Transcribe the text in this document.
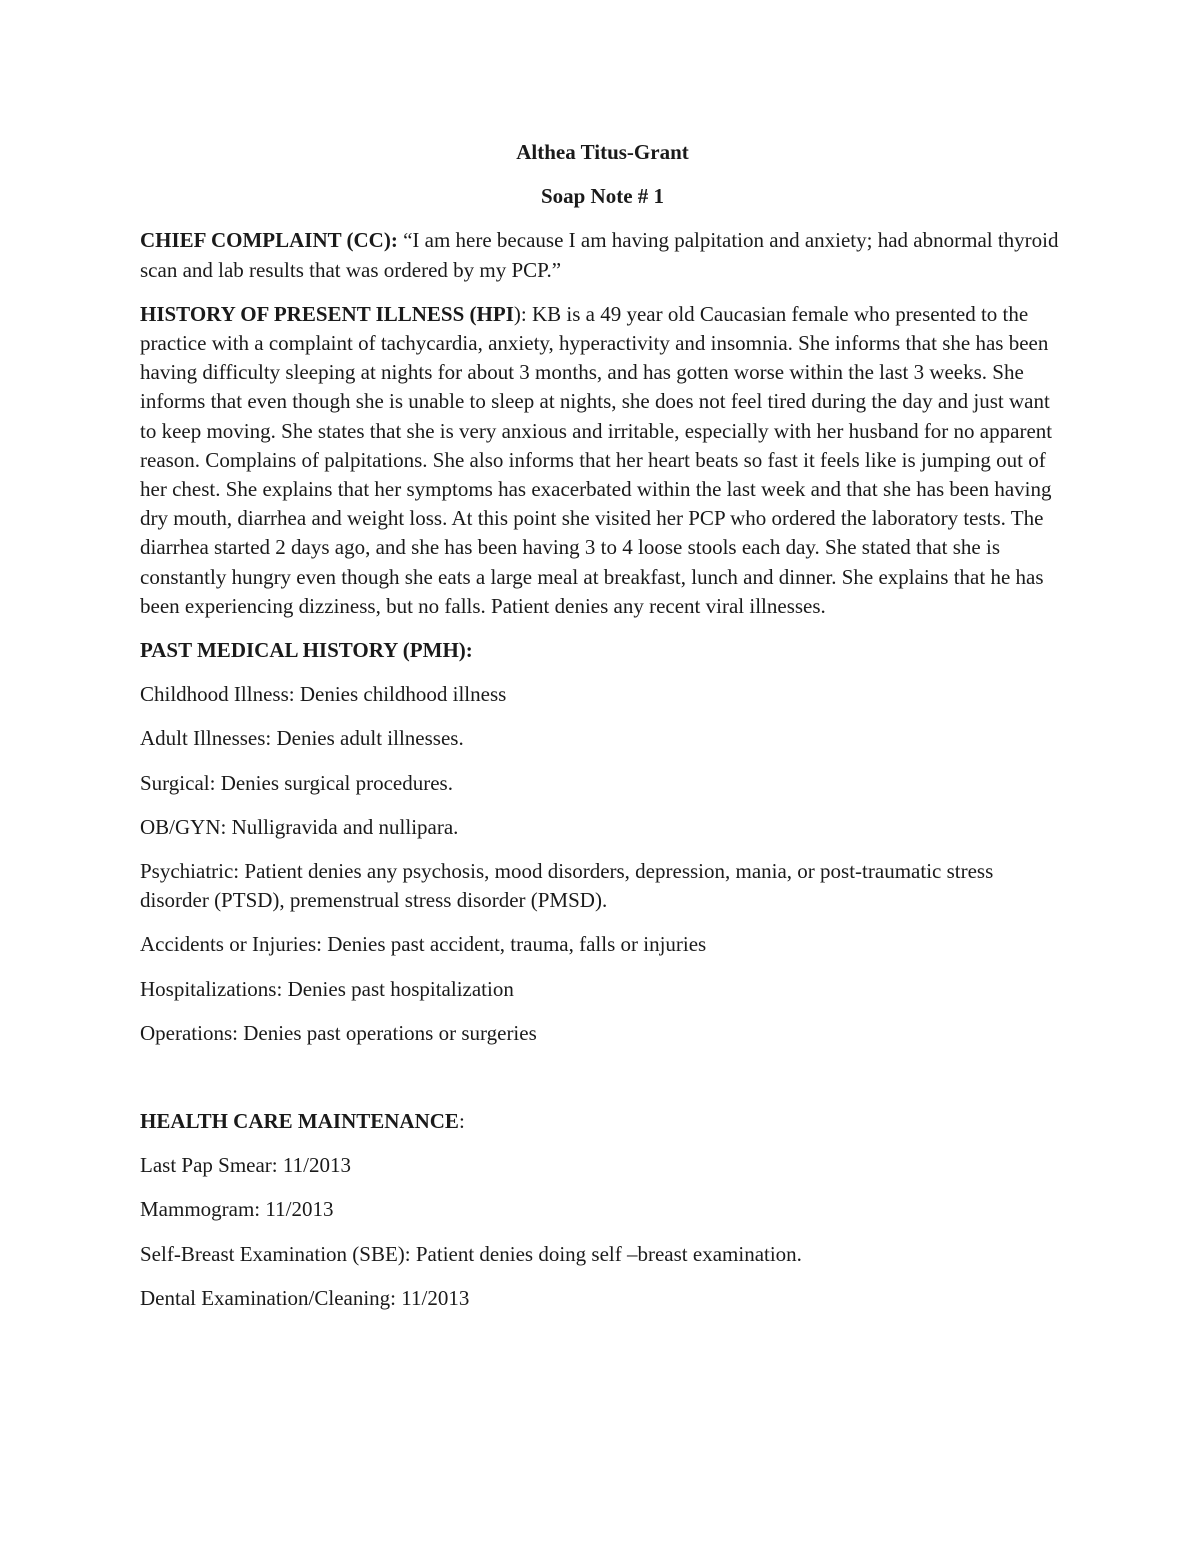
Althea Titus-Grant

Soap Note # 1

CHIEF COMPLAINT (CC): “I am here because I am having palpitation and anxiety; had abnormal thyroid scan and lab results that was ordered by my PCP.”

HISTORY OF PRESENT ILLNESS (HPI): KB is a 49 year old Caucasian female who presented to the practice with a complaint of tachycardia, anxiety, hyperactivity and insomnia. She informs that she has been having difficulty sleeping at nights for about 3 months, and has gotten worse within the last 3 weeks. She informs that even though she is unable to sleep at nights, she does not feel tired during the day and just want to keep moving. She states that she is very anxious and irritable, especially with her husband for no apparent reason. Complains of palpitations. She also informs that her heart beats so fast it feels like is jumping out of her chest. She explains that her symptoms has exacerbated within the last week and that she has been having dry mouth, diarrhea and weight loss. At this point she visited her PCP who ordered the laboratory tests. The diarrhea started 2 days ago, and she has been having 3 to 4 loose stools each day. She stated that she is constantly hungry even though she eats a large meal at breakfast, lunch and dinner. She explains that he has been experiencing dizziness, but no falls. Patient denies any recent viral illnesses.

PAST MEDICAL HISTORY (PMH):

Childhood Illness: Denies childhood illness

Adult Illnesses: Denies adult illnesses.

Surgical: Denies surgical procedures.

OB/GYN: Nulligravida and nullipara.

Psychiatric: Patient denies any psychosis, mood disorders, depression, mania, or post-traumatic stress disorder (PTSD), premenstrual stress disorder (PMSD).

Accidents or Injuries: Denies past accident, trauma, falls or injuries

Hospitalizations: Denies past hospitalization

Operations: Denies past operations or surgeries

HEALTH CARE MAINTENANCE:

Last Pap Smear: 11/2013

Mammogram: 11/2013

Self-Breast Examination (SBE): Patient denies doing self –breast examination.

Dental Examination/Cleaning: 11/2013
